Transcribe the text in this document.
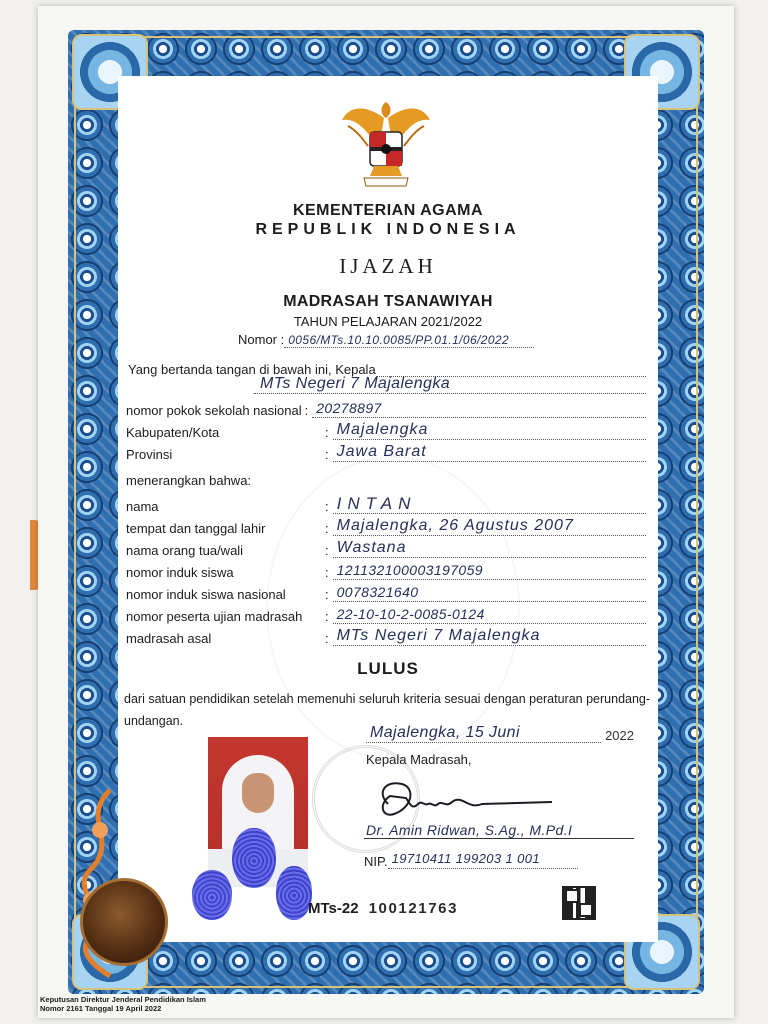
KEMENTERIAN AGAMA
REPUBLIK INDONESIA
IJAZAH
MADRASAH TSANAWIYAH
TAHUN PELAJARAN 2021/2022
Nomor : 0056/MTs.10.10.0085/PP.01.1/06/2022
Yang bertanda tangan di bawah ini, Kepala
MTs Negeri 7 Majalengka
nomor pokok sekolah nasional : 20278897
Kabupaten/Kota	: Majalengka
Provinsi	: Jawa Barat
menerangkan bahwa:
nama	: INTAN
tempat dan tanggal lahir	: Majalengka, 26 Agustus 2007
nama orang tua/wali	: Wastana
nomor induk siswa	: 121132100003197059
nomor induk siswa nasional	: 0078321640
nomor peserta ujian madrasah	: 22-10-10-2-0085-0124
madrasah asal	: MTs Negeri 7 Majalengka
LULUS
dari satuan pendidikan setelah memenuhi seluruh kriteria sesuai dengan peraturan perundang-undangan.
Majalengka, 15 Juni	2022
Kepala Madrasah,
Dr. Amin Ridwan, S.Ag., M.Pd.I
NIP. 19710411 199203 1 001
MTs-22 100121763
Keputusan Direktur Jenderal Pendidikan Islam
Nomor 2161 Tanggal 19 April 2022
